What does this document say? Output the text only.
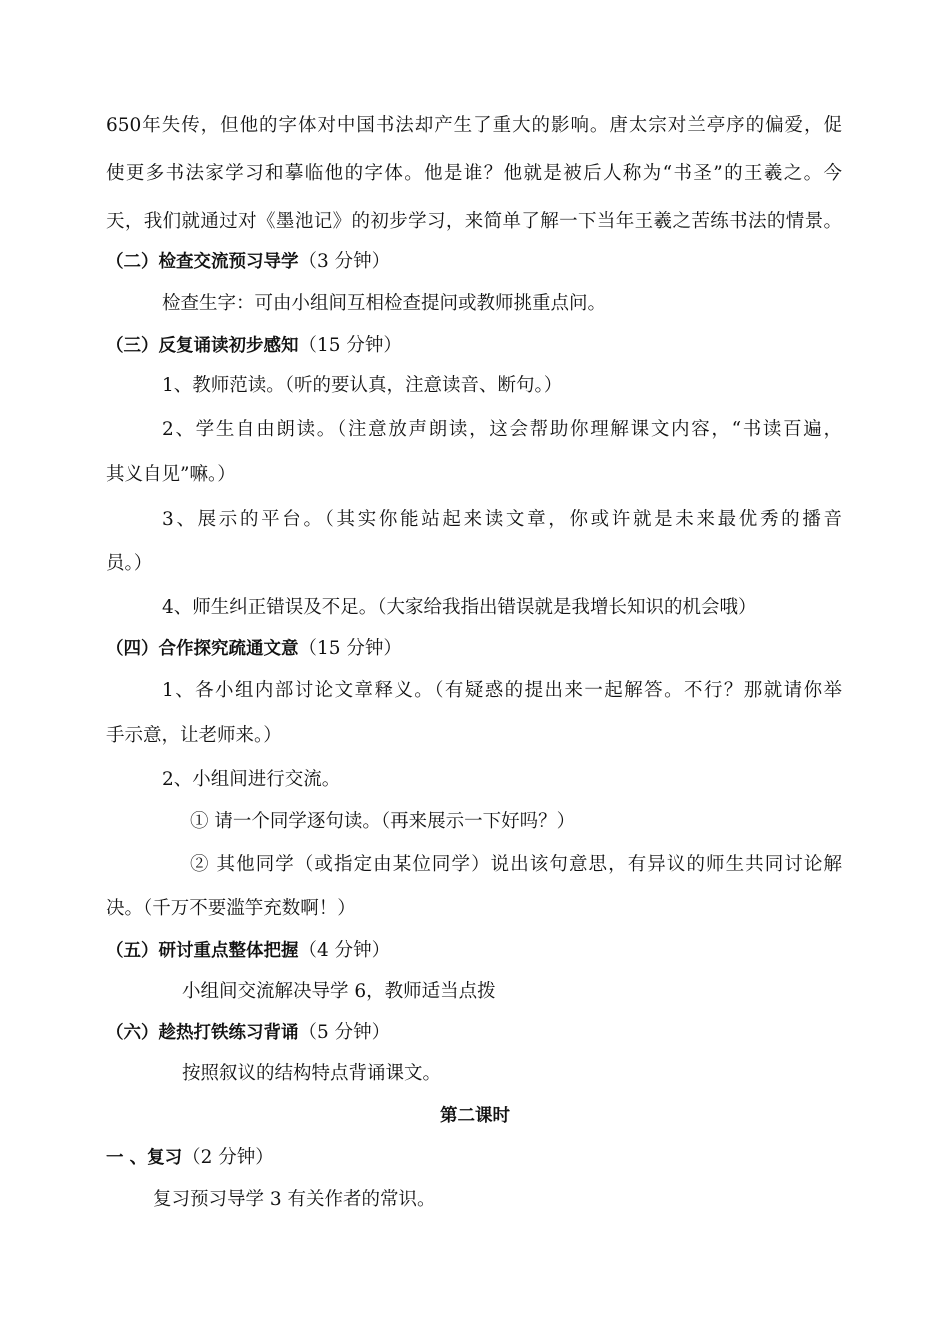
650年失传，但他的字体对中国书法却产生了重大的影响。唐太宗对兰亭序的偏爱，促
使更多书法家学习和摹临他的字体。他是谁？他就是被后人称为“书圣”的王羲之。今
天，我们就通过对《墨池记》的初步学习，来简单了解一下当年王羲之苦练书法的情景。
（二）检查交流预习导学（3 分钟）
检查生字：可由小组间互相检查提问或教师挑重点问。
（三）反复诵读初步感知（15 分钟）
1、教师范读。（听的要认真，注意读音、断句。）
2、学生自由朗读。（注意放声朗读，这会帮助你理解课文内容，“书读百遍，
其义自见”嘛。）
3、展示的平台。（其实你能站起来读文章，你或许就是未来最优秀的播音
员。）
4、师生纠正错误及不足。（大家给我指出错误就是我增长知识的机会哦）
（四）合作探究疏通文意（15 分钟）
1、各小组内部讨论文章释义。（有疑惑的提出来一起解答。不行？那就请你举
手示意，让老师来。）
2、小组间进行交流。
① 请一个同学逐句读。（再来展示一下好吗？）
② 其他同学（或指定由某位同学）说出该句意思，有异议的师生共同讨论解
决。（千万不要滥竽充数啊！）
（五）研讨重点整体把握（4 分钟）
小组间交流解决导学 6，教师适当点拨
（六）趁热打铁练习背诵（5 分钟）
按照叙议的结构特点背诵课文。
第二课时
一 、复习（2 分钟）
复习预习导学 3 有关作者的常识。
